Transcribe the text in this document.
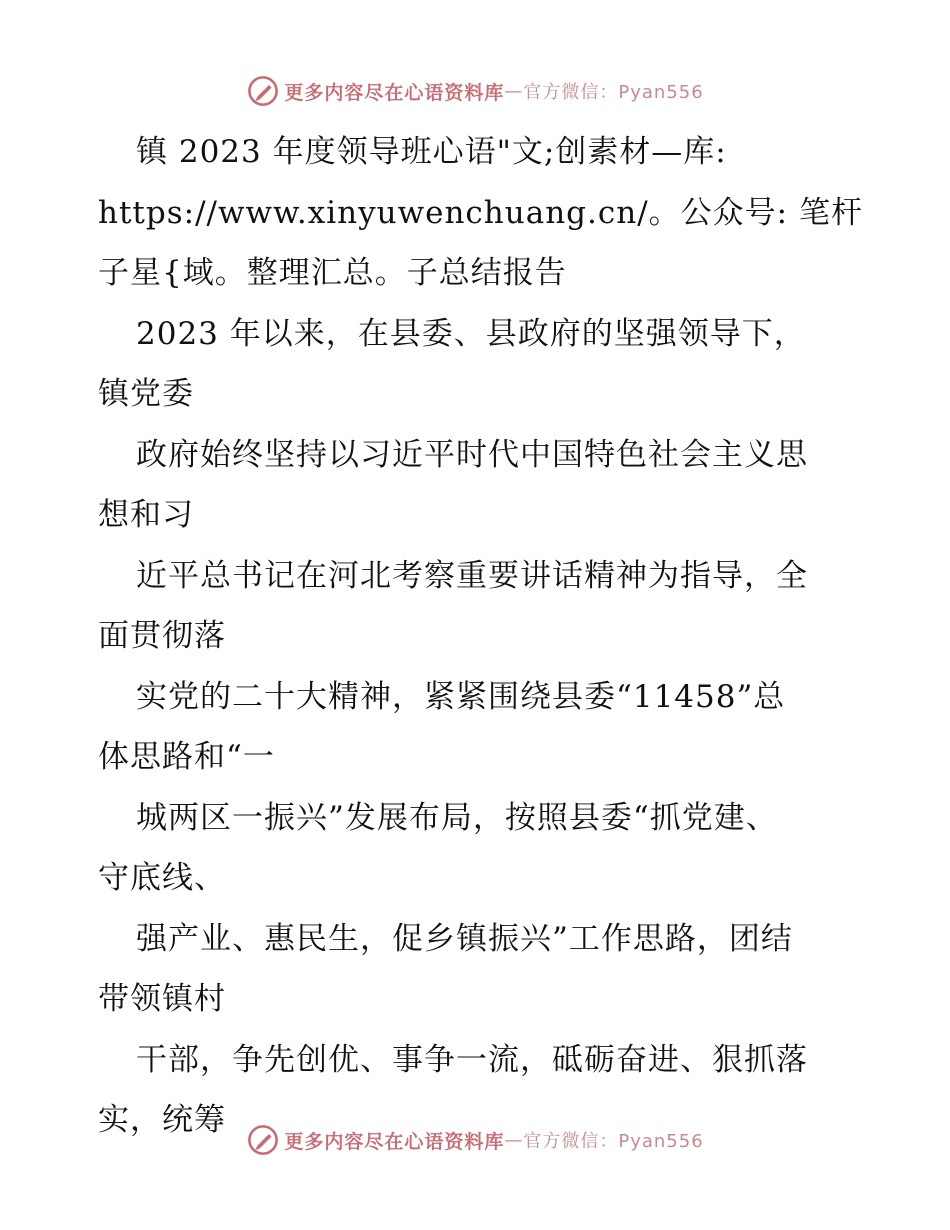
更多内容尽在心语资料库 — 官方微信：Pyan556
镇 2023 年度领导班心语"文;创素材—库:
https://www.xinyuwenchuang.cn/。公众号: 笔杆
子星{域。整理汇总。子总结报告
2023 年以来，在县委、县政府的坚强领导下，
镇党委
政府始终坚持以习近平时代中国特色社会主义思
想和习
近平总书记在河北考察重要讲话精神为指导，全
面贯彻落
实党的二十大精神，紧紧围绕县委“11458”总
体思路和“一
城两区一振兴”发展布局，按照县委“抓党建、
守底线、
强产业、惠民生，促乡镇振兴”工作思路，团结
带领镇村
干部，争先创优、事争一流，砥砺奋进、狠抓落
实，统筹
更多内容尽在心语资料库 — 官方微信：Pyan556
